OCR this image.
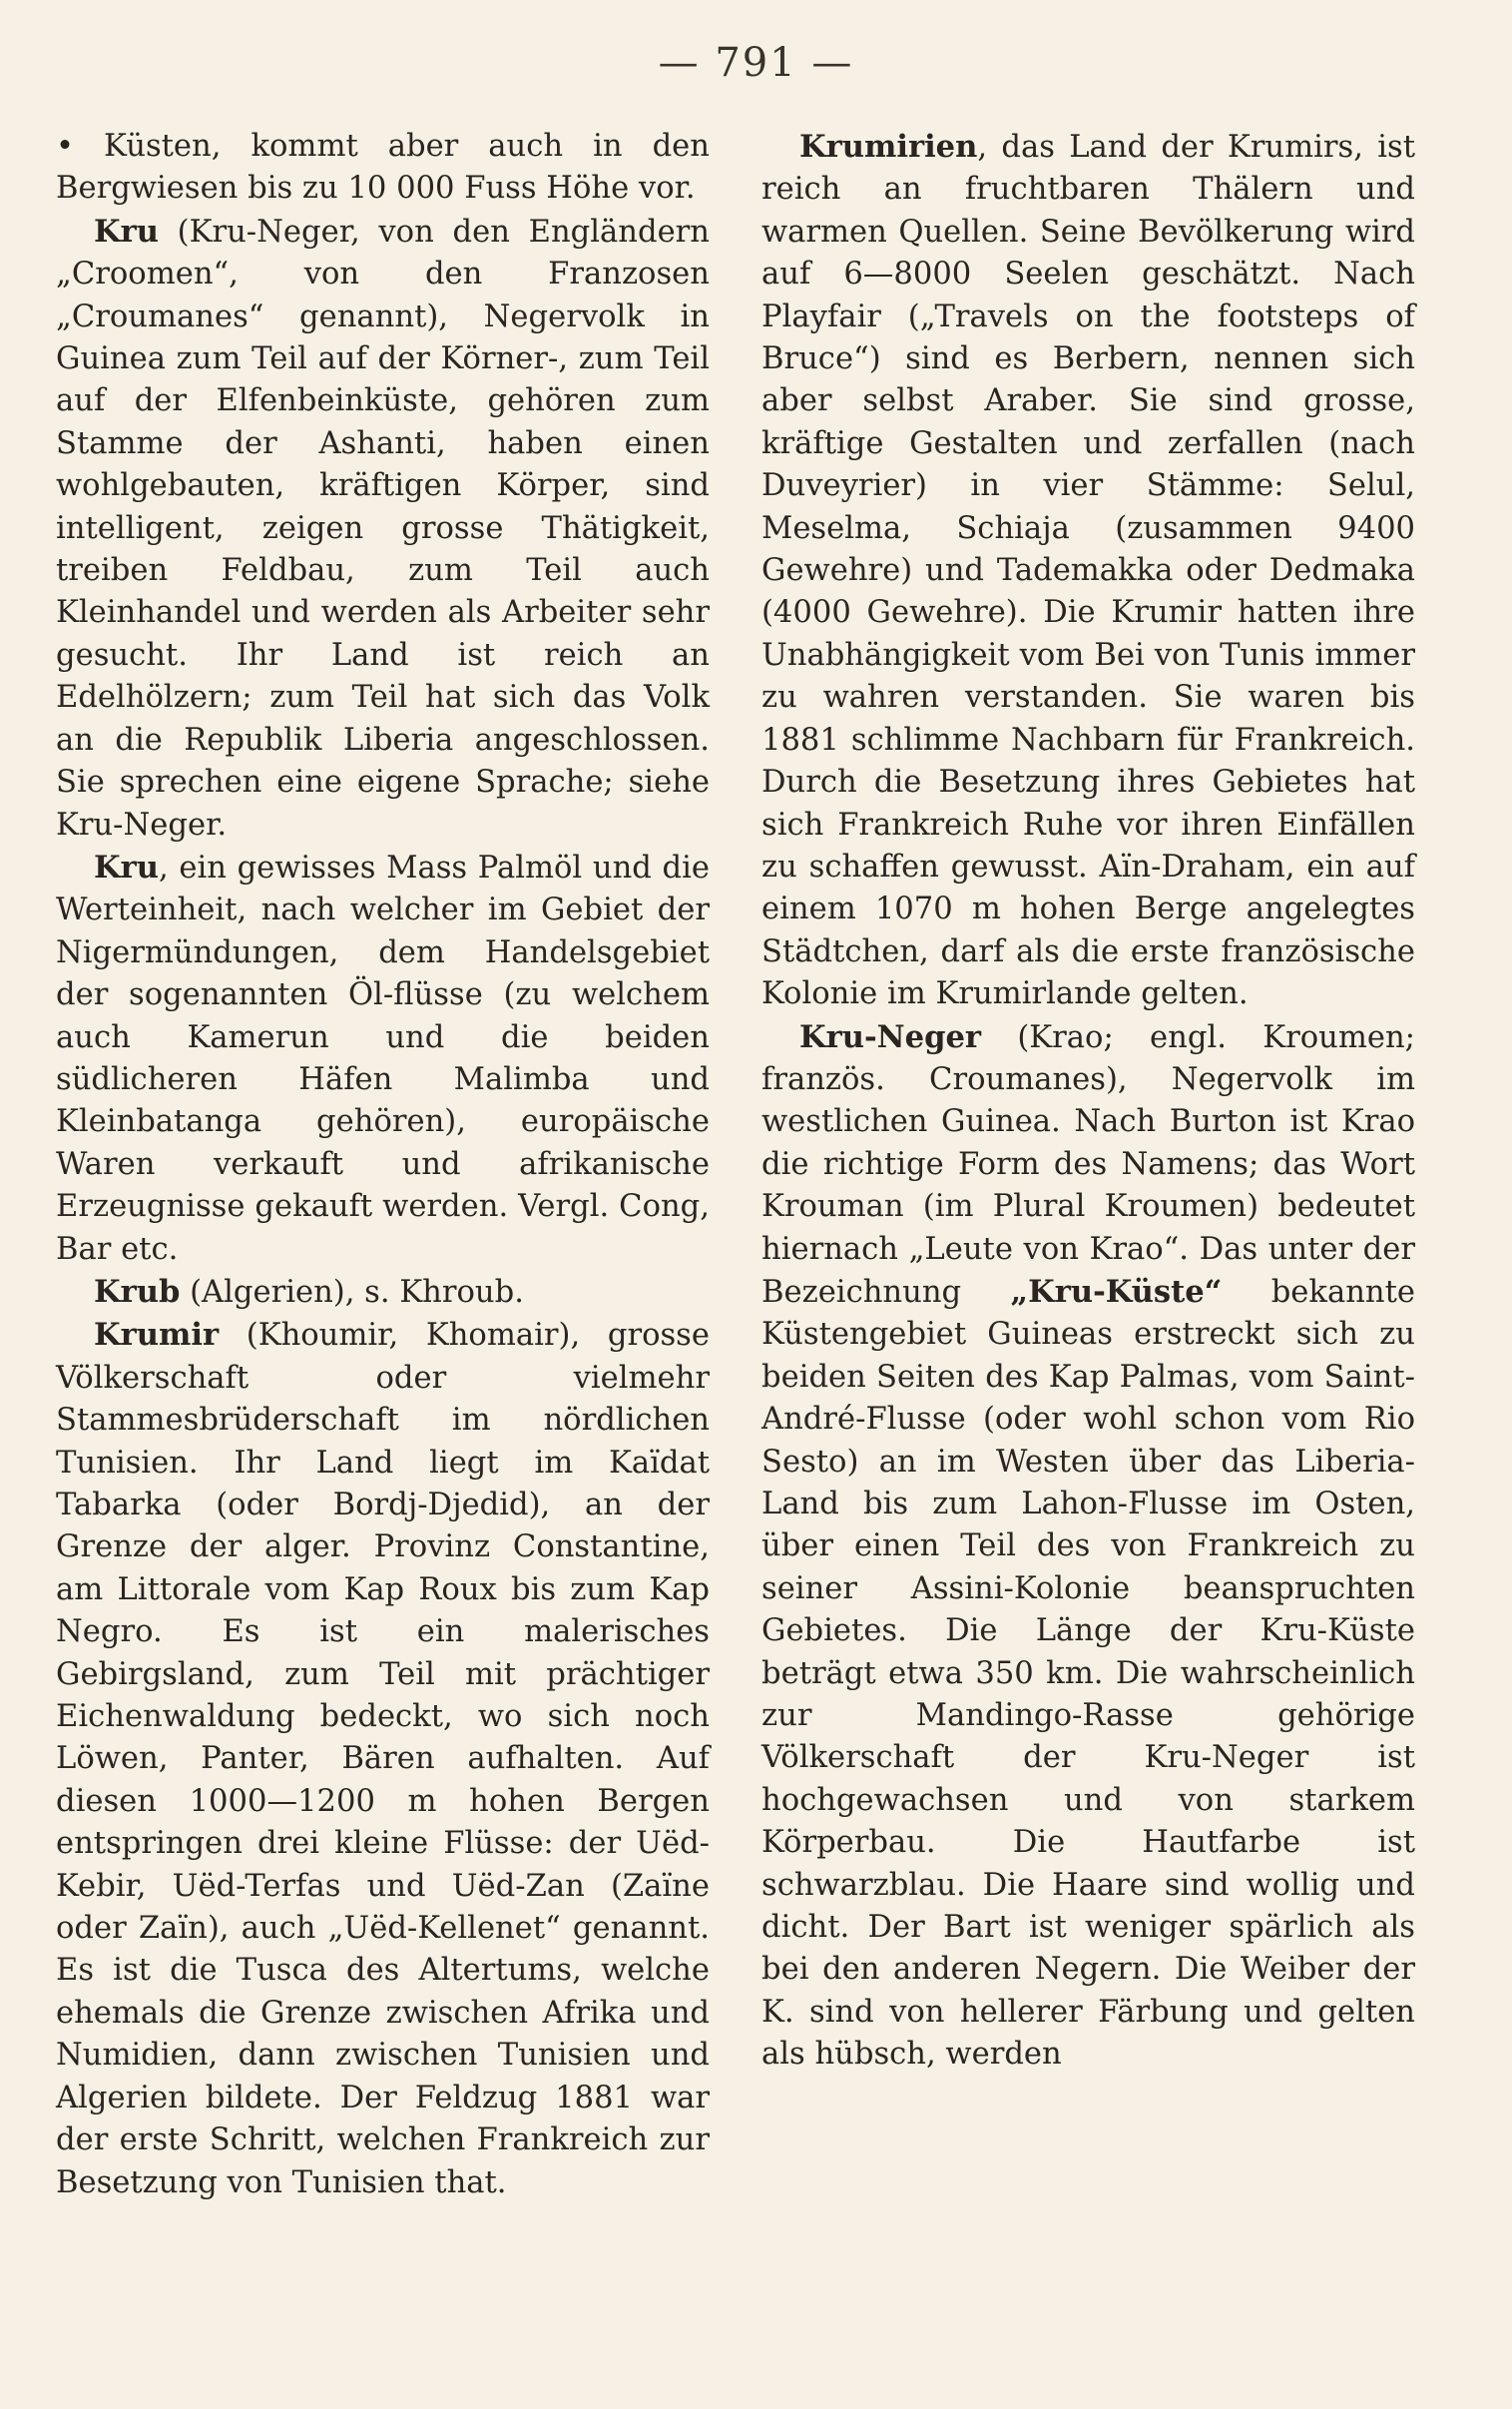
— 791 —

• Küsten, kommt aber auch in den Bergwiesen bis zu 10 000 Fuss Höhe vor.

Kru (Kru-Neger, von den Engländern „Croomen“, von den Franzosen „Croumanes“ genannt), Negervolk in Guinea zum Teil auf der Körner-, zum Teil auf der Elfenbeinküste, gehören zum Stamme der Ashanti, haben einen wohlgebauten, kräftigen Körper, sind intelligent, zeigen grosse Thätigkeit, treiben Feldbau, zum Teil auch Kleinhandel und werden als Arbeiter sehr gesucht. Ihr Land ist reich an Edelhölzern; zum Teil hat sich das Volk an die Republik Liberia angeschlossen. Sie sprechen eine eigene Sprache; siehe Kru-Neger.

Kru, ein gewisses Mass Palmöl und die Werteinheit, nach welcher im Gebiet der Nigermündungen, dem Handelsgebiet der sogenannten Öl-flüsse (zu welchem auch Kamerun und die beiden südlicheren Häfen Malimba und Kleinbatanga gehören), europäische Waren verkauft und afrikanische Erzeugnisse gekauft werden. Vergl. Cong, Bar etc.

Krub (Algerien), s. Khroub.

Krumir (Khoumir, Khomair), grosse Völkerschaft oder vielmehr Stammesbrüderschaft im nördlichen Tunisien. Ihr Land liegt im Kaïdat Tabarka (oder Bordj-Djedid), an der Grenze der alger. Provinz Constantine, am Littorale vom Kap Roux bis zum Kap Negro. Es ist ein malerisches Gebirgsland, zum Teil mit prächtiger Eichenwaldung bedeckt, wo sich noch Löwen, Panter, Bären aufhalten. Auf diesen 1000—1200 m hohen Bergen entspringen drei kleine Flüsse: der Uëd-Kebir, Uëd-Terfas und Uëd-Zan (Zaïne oder Zaïn), auch „Uëd-Kellenet“ genannt. Es ist die Tusca des Altertums, welche ehemals die Grenze zwischen Afrika und Numidien, dann zwischen Tunisien und Algerien bildete. Der Feldzug 1881 war der erste Schritt, welchen Frankreich zur Besetzung von Tunisien that.

Krumirien, das Land der Krumirs, ist reich an fruchtbaren Thälern und warmen Quellen. Seine Bevölkerung wird auf 6—8000 Seelen geschätzt. Nach Playfair („Travels on the footsteps of Bruce“) sind es Berbern, nennen sich aber selbst Araber. Sie sind grosse, kräftige Gestalten und zerfallen (nach Duveyrier) in vier Stämme: Selul, Meselma, Schiaja (zusammen 9400 Gewehre) und Tademakka oder Dedmaka (4000 Gewehre). Die Krumir hatten ihre Unabhängigkeit vom Bei von Tunis immer zu wahren verstanden. Sie waren bis 1881 schlimme Nachbarn für Frankreich. Durch die Besetzung ihres Gebietes hat sich Frankreich Ruhe vor ihren Einfällen zu schaffen gewusst. Aïn-Draham, ein auf einem 1070 m hohen Berge angelegtes Städtchen, darf als die erste französische Kolonie im Krumirlande gelten.

Kru-Neger (Krao; engl. Kroumen; französ. Croumanes), Negervolk im westlichen Guinea. Nach Burton ist Krao die richtige Form des Namens; das Wort Krouman (im Plural Kroumen) bedeutet hiernach „Leute von Krao“. Das unter der Bezeichnung „Kru-Küste“ bekannte Küstengebiet Guineas erstreckt sich zu beiden Seiten des Kap Palmas, vom Saint-André-Flusse (oder wohl schon vom Rio Sesto) an im Westen über das Liberia-Land bis zum Lahon-Flusse im Osten, über einen Teil des von Frankreich zu seiner Assini-Kolonie beanspruchten Gebietes. Die Länge der Kru-Küste beträgt etwa 350 km. Die wahrscheinlich zur Mandingo-Rasse gehörige Völkerschaft der Kru-Neger ist hochgewachsen und von starkem Körperbau. Die Hautfarbe ist schwarzblau. Die Haare sind wollig und dicht. Der Bart ist weniger spärlich als bei den anderen Negern. Die Weiber der K. sind von hellerer Färbung und gelten als hübsch, werden
